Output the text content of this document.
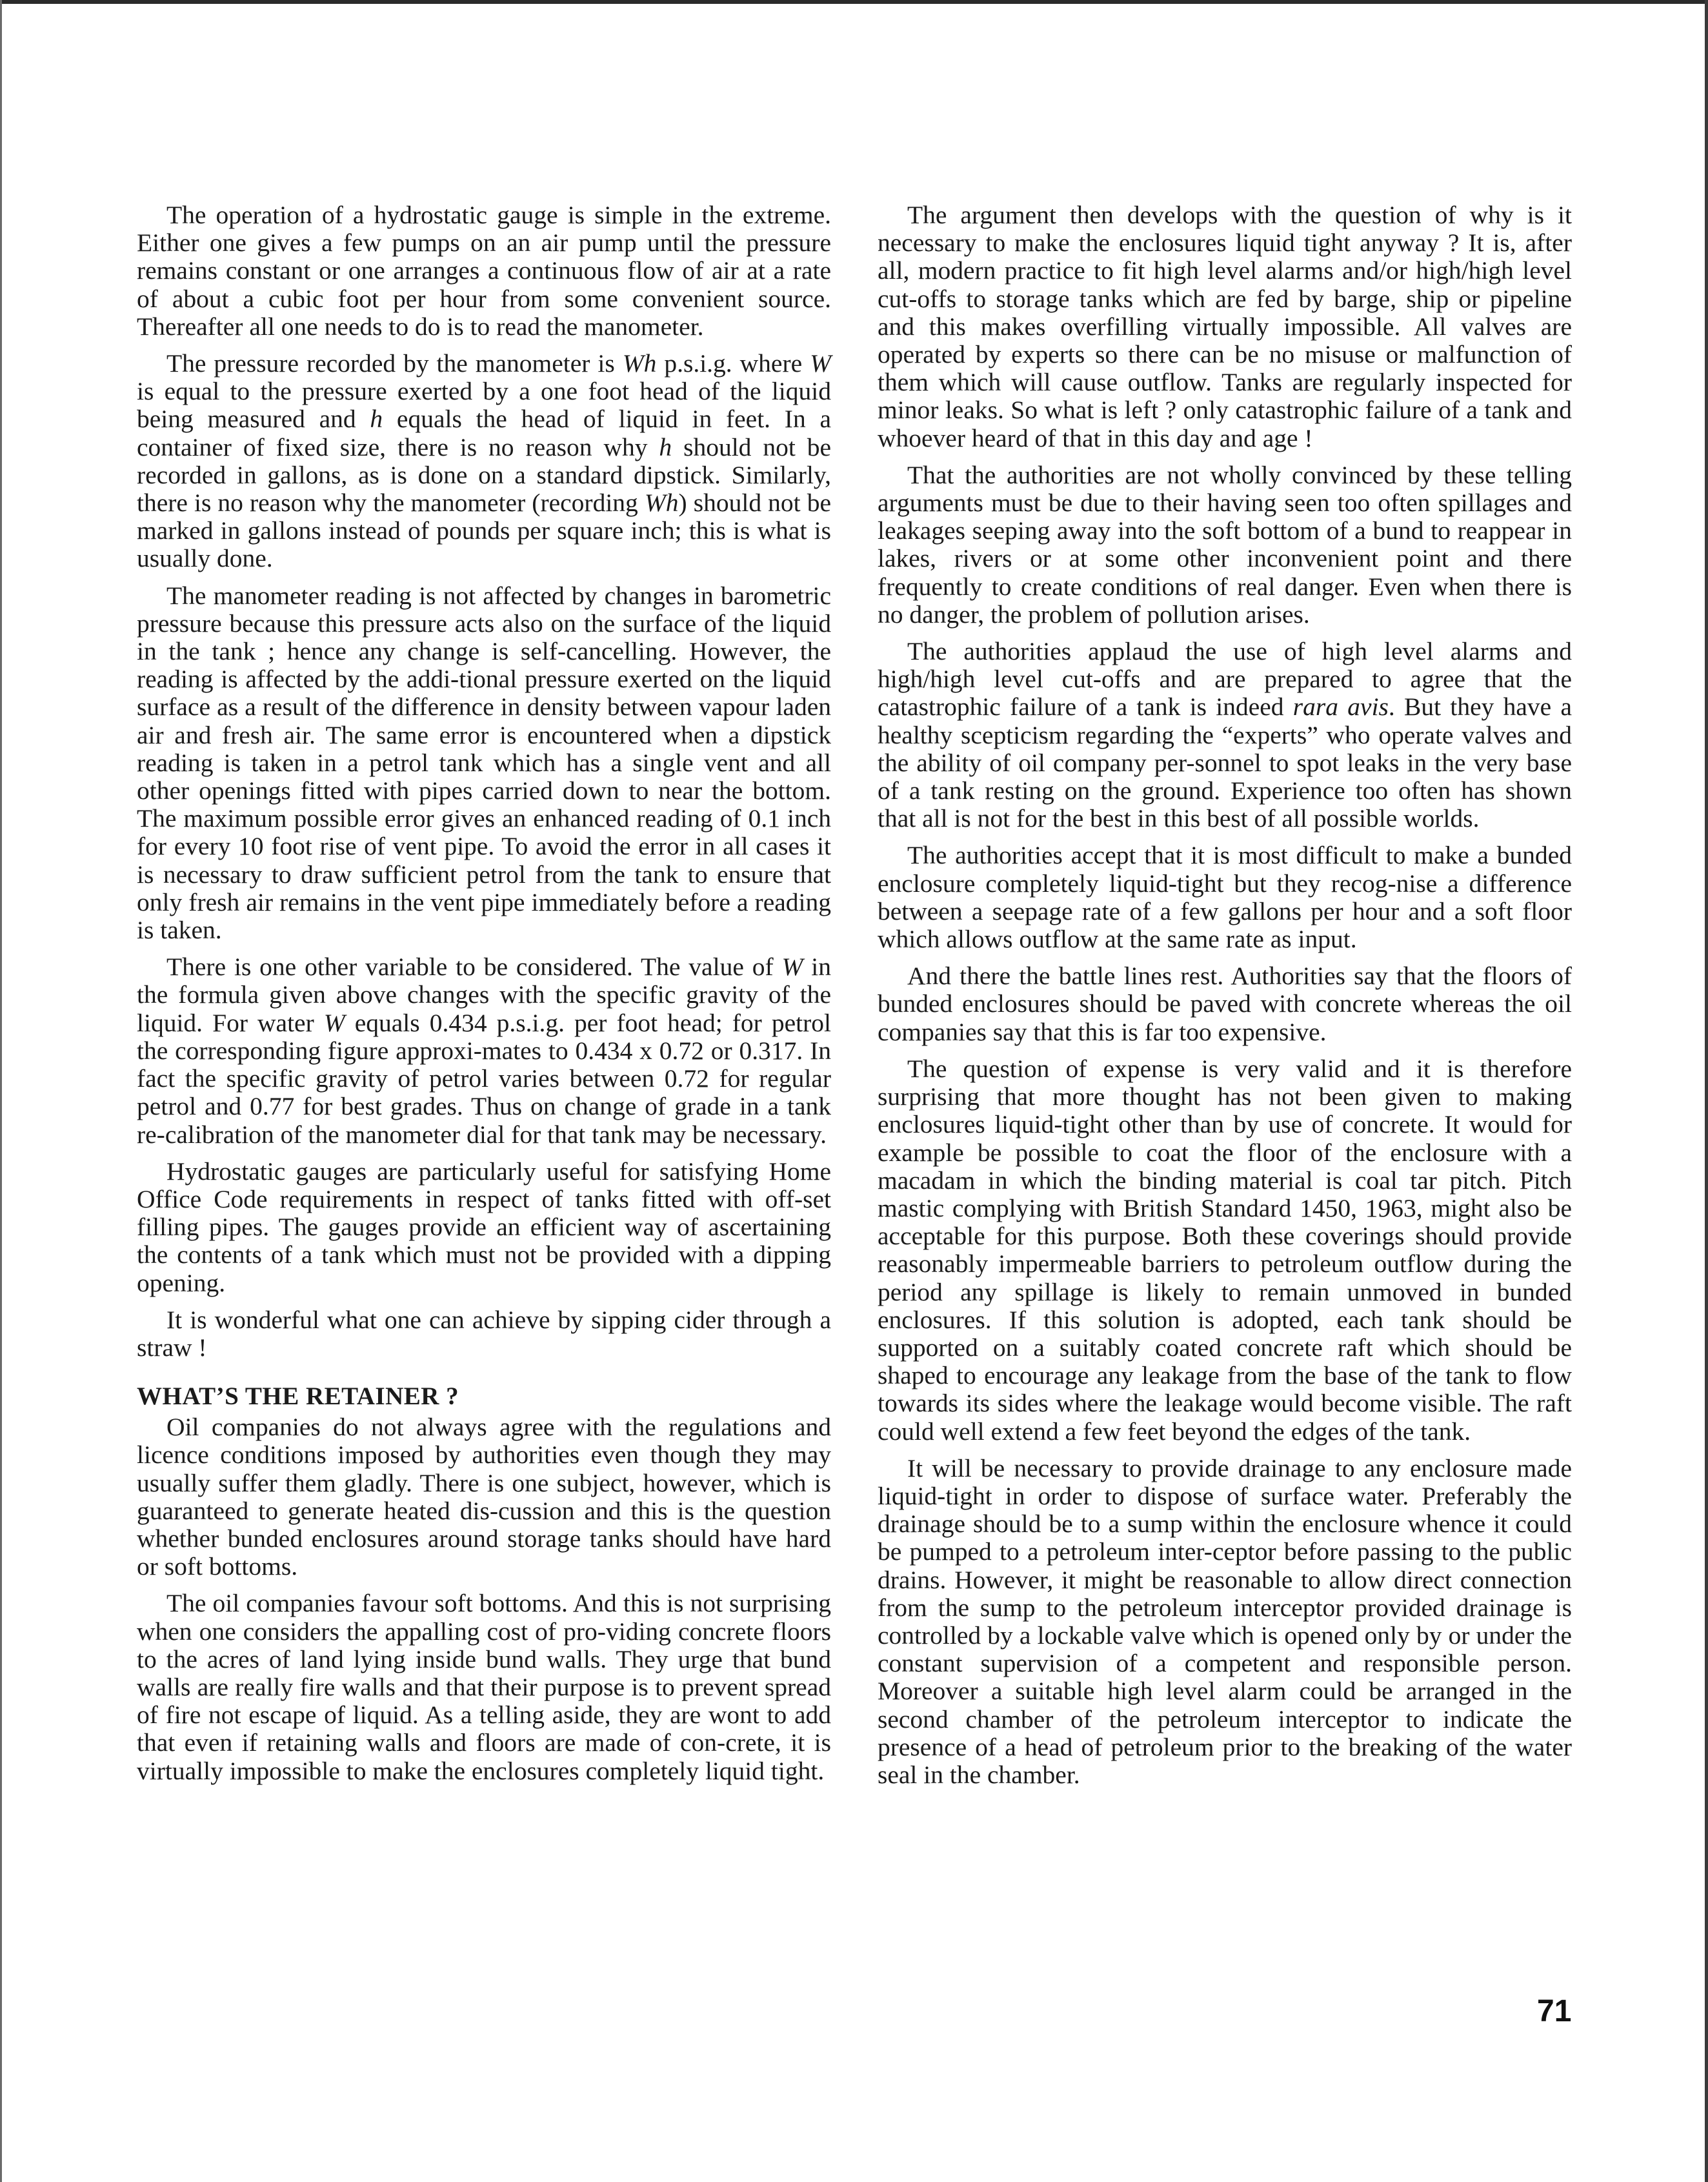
The operation of a hydrostatic gauge is simple in the extreme. Either one gives a few pumps on an air pump until the pressure remains constant or one arranges a continuous flow of air at a rate of about a cubic foot per hour from some convenient source. Thereafter all one needs to do is to read the manometer.

The pressure recorded by the manometer is Wh p.s.i.g. where W is equal to the pressure exerted by a one foot head of the liquid being measured and h equals the head of liquid in feet. In a container of fixed size, there is no reason why h should not be recorded in gallons, as is done on a standard dipstick. Similarly, there is no reason why the manometer (recording Wh) should not be marked in gallons instead of pounds per square inch; this is what is usually done.

The manometer reading is not affected by changes in barometric pressure because this pressure acts also on the surface of the liquid in the tank ; hence any change is self-cancelling. However, the reading is affected by the addi-tional pressure exerted on the liquid surface as a result of the difference in density between vapour laden air and fresh air. The same error is encountered when a dipstick reading is taken in a petrol tank which has a single vent and all other openings fitted with pipes carried down to near the bottom. The maximum possible error gives an enhanced reading of 0.1 inch for every 10 foot rise of vent pipe. To avoid the error in all cases it is necessary to draw sufficient petrol from the tank to ensure that only fresh air remains in the vent pipe immediately before a reading is taken.

There is one other variable to be considered. The value of W in the formula given above changes with the specific gravity of the liquid. For water W equals 0.434 p.s.i.g. per foot head; for petrol the corresponding figure approxi-mates to 0.434 x 0.72 or 0.317. In fact the specific gravity of petrol varies between 0.72 for regular petrol and 0.77 for best grades. Thus on change of grade in a tank re-calibration of the manometer dial for that tank may be necessary.

Hydrostatic gauges are particularly useful for satisfying Home Office Code requirements in respect of tanks fitted with off-set filling pipes. The gauges provide an efficient way of ascertaining the contents of a tank which must not be provided with a dipping opening.

It is wonderful what one can achieve by sipping cider through a straw !

WHAT’S THE RETAINER ?

Oil companies do not always agree with the regulations and licence conditions imposed by authorities even though they may usually suffer them gladly. There is one subject, however, which is guaranteed to generate heated dis-cussion and this is the question whether bunded enclosures around storage tanks should have hard or soft bottoms.

The oil companies favour soft bottoms. And this is not surprising when one considers the appalling cost of pro-viding concrete floors to the acres of land lying inside bund walls. They urge that bund walls are really fire walls and that their purpose is to prevent spread of fire not escape of liquid. As a telling aside, they are wont to add that even if retaining walls and floors are made of con-crete, it is virtually impossible to make the enclosures completely liquid tight.

The argument then develops with the question of why is it necessary to make the enclosures liquid tight anyway ? It is, after all, modern practice to fit high level alarms and/or high/high level cut-offs to storage tanks which are fed by barge, ship or pipeline and this makes overfilling virtually impossible. All valves are operated by experts so there can be no misuse or malfunction of them which will cause outflow. Tanks are regularly inspected for minor leaks. So what is left ? only catastrophic failure of a tank and whoever heard of that in this day and age !

That the authorities are not wholly convinced by these telling arguments must be due to their having seen too often spillages and leakages seeping away into the soft bottom of a bund to reappear in lakes, rivers or at some other inconvenient point and there frequently to create conditions of real danger. Even when there is no danger, the problem of pollution arises.

The authorities applaud the use of high level alarms and high/high level cut-offs and are prepared to agree that the catastrophic failure of a tank is indeed rara avis. But they have a healthy scepticism regarding the “experts” who operate valves and the ability of oil company per-sonnel to spot leaks in the very base of a tank resting on the ground. Experience too often has shown that all is not for the best in this best of all possible worlds.

The authorities accept that it is most difficult to make a bunded enclosure completely liquid-tight but they recog-nise a difference between a seepage rate of a few gallons per hour and a soft floor which allows outflow at the same rate as input.

And there the battle lines rest. Authorities say that the floors of bunded enclosures should be paved with concrete whereas the oil companies say that this is far too expensive.

The question of expense is very valid and it is therefore surprising that more thought has not been given to making enclosures liquid-tight other than by use of concrete. It would for example be possible to coat the floor of the enclosure with a macadam in which the binding material is coal tar pitch. Pitch mastic complying with British Standard 1450, 1963, might also be acceptable for this purpose. Both these coverings should provide reasonably impermeable barriers to petroleum outflow during the period any spillage is likely to remain unmoved in bunded enclosures. If this solution is adopted, each tank should be supported on a suitably coated concrete raft which should be shaped to encourage any leakage from the base of the tank to flow towards its sides where the leakage would become visible. The raft could well extend a few feet beyond the edges of the tank.

It will be necessary to provide drainage to any enclosure made liquid-tight in order to dispose of surface water. Preferably the drainage should be to a sump within the enclosure whence it could be pumped to a petroleum inter-ceptor before passing to the public drains. However, it might be reasonable to allow direct connection from the sump to the petroleum interceptor provided drainage is controlled by a lockable valve which is opened only by or under the constant supervision of a competent and responsible person. Moreover a suitable high level alarm could be arranged in the second chamber of the petroleum interceptor to indicate the presence of a head of petroleum prior to the breaking of the water seal in the chamber.

71
